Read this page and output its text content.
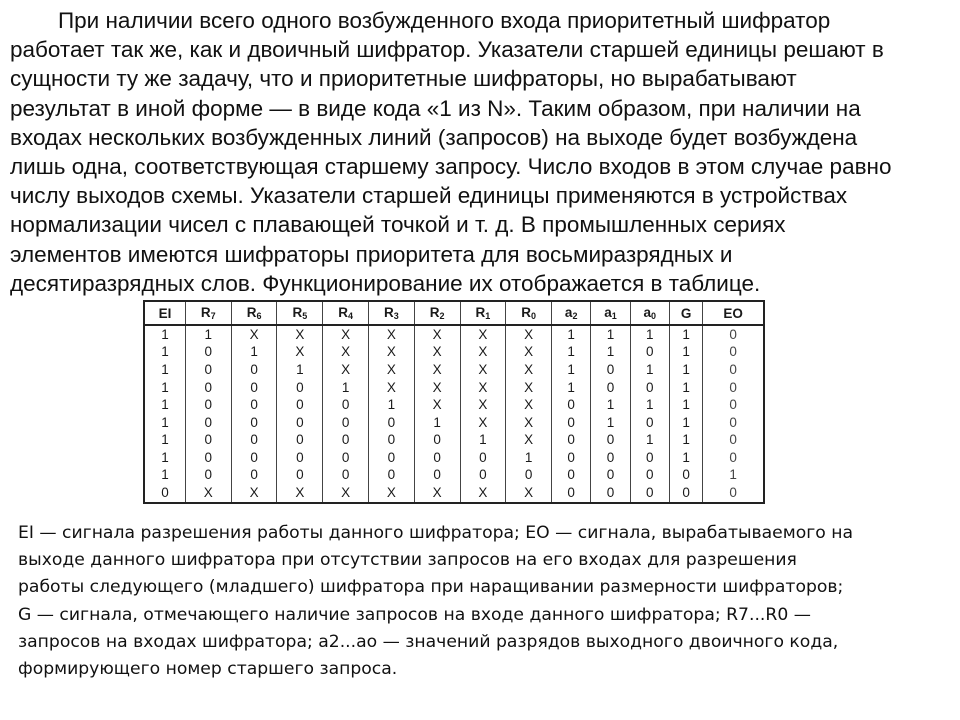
При наличии всего одного возбужденного входа приоритетный шифратор
работает так же, как и двоичный шифратор. Указатели старшей единицы решают в
сущности ту же задачу, что и приоритетные шифраторы, но вырабатывают
результат в иной форме — в виде кода «1 из N». Таким образом, при наличии на
входах нескольких возбужденных линий (запросов) на выходе будет возбуждена
лишь одна, соответствующая старшему запросу. Число входов в этом случае равно
числу выходов схемы. Указатели старшей единицы применяются в устройствах
нормализации чисел с плавающей точкой и т. д. В промышленных сериях
элементов имеются шифраторы приоритета для восьмиразрядных и
десятиразрядных слов. Функционирование их отображается в таблице.

EI	$R_7$	$R_6$	$R_5$	$R_4$	$R_3$	$R_2$	$R_1$	$R_0$	$a_2$	$a_1$	$a_0$	G	EO
1	1	X	X	X	X	X	X	X	1	1	1	1	0
1	0	1	X	X	X	X	X	X	1	1	0	1	0
1	0	0	1	X	X	X	X	X	1	0	1	1	0
1	0	0	0	1	X	X	X	X	1	0	0	1	0
1	0	0	0	0	1	X	X	X	0	1	1	1	0
1	0	0	0	0	0	1	X	X	0	1	0	1	0
1	0	0	0	0	0	0	1	X	0	0	1	1	0
1	0	0	0	0	0	0	0	1	0	0	0	1	0
1	0	0	0	0	0	0	0	0	0	0	0	0	1
0	X	X	X	X	X	X	X	X	0	0	0	0	0
EI — сигнала разрешения работы данного шифратора; EO — сигнала, вырабатываемого на
выходе данного шифратора при отсутствии запросов на его входах для разрешения
работы следующего (младшего) шифратора при наращивании размерности шифраторов;
G — сигнала, отмечающего наличие запросов на входе данного шифратора; R7...R0 —
запросов на входах шифратора; а2...ао — значений разрядов выходного двоичного кода,
формирующего номер старшего запроса.
